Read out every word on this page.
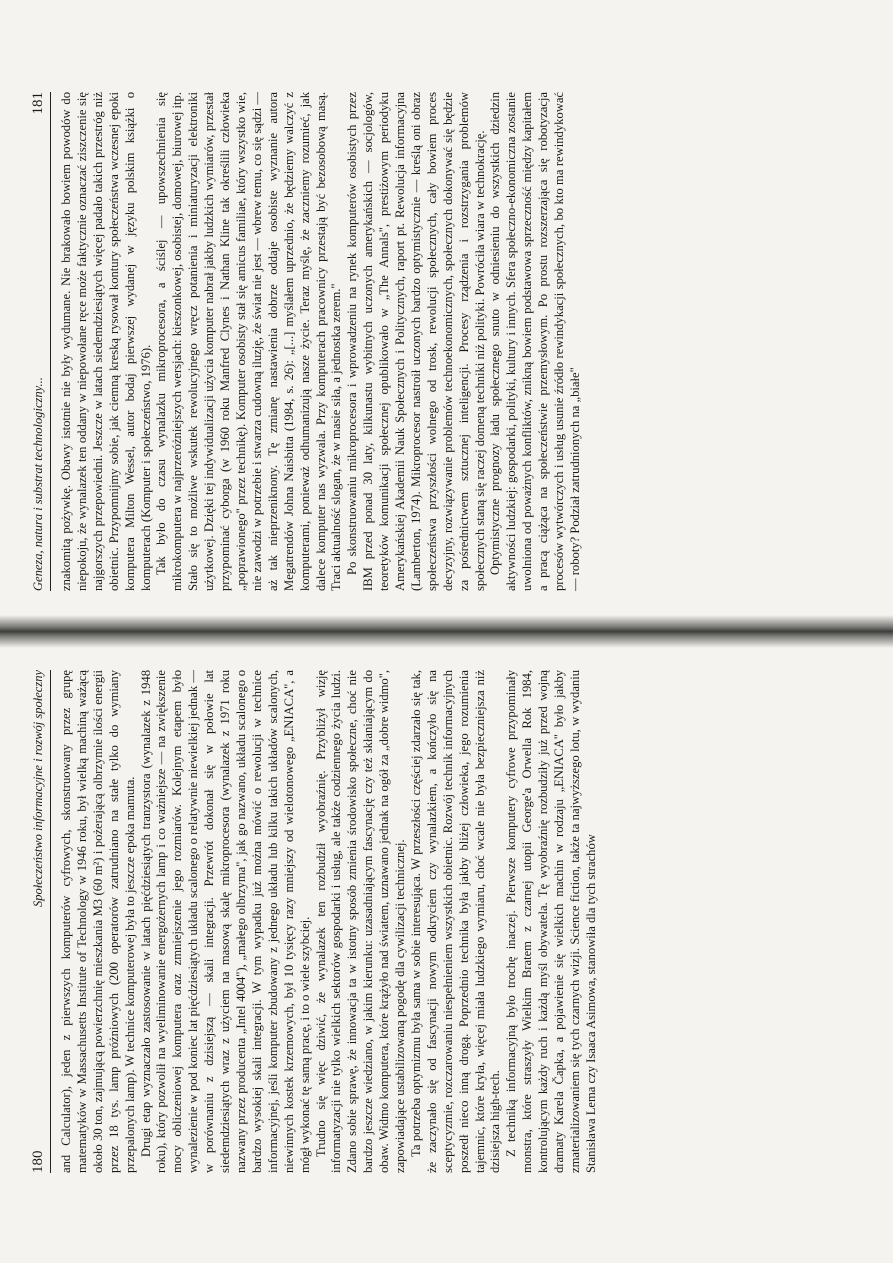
180
Społeczeństwo informacyjne i rozwój społeczny and Calculator), jeden z pierwszych komputerów cyfrowych, skonstruowany przez grupę matematyków w Massachusetts Institute of Technology w 1946 roku, był wielką machiną ważącą około 30 ton, zajmującą powierzchnię mieszkania M3 (60 m²) i pożerającą olbrzymie ilości energii przez 18 tys. lamp próżniowych (200 operatorów zatrudniano na stałe tylko do wymiany przepalonych lamp). W technice komputerowej była to jeszcze epoka mamuta. Drugi etap wyznaczało zastosowanie w latach pięćdziesiątych tranzystora (wynalazek z 1948 roku), który pozwolił na wyeliminowanie energożernych lamp i co ważniejsze — na zwiększenie mocy obliczeniowej komputera oraz zmniejszenie jego rozmiarów. Kolejnym etapem było wynalezienie w pod koniec lat pięćdziesiątych układu scalonego o relatywnie niewielkiej jednak — w porównaniu z dzisiejszą — skali integracji. Przewrót dokonał się w połowie lat siedemdziesiątych wraz z użyciem na masową skalę mikroprocesora (wynalazek z 1971 roku nazwany przez producenta „Intel 4004"), „małego olbrzyma", jak go nazwano, układu scalonego o bardzo wysokiej skali integracji. W tym wypadku już można mówić o rewolucji w technice informacyjnej, jeśli komputer zbudowany z jednego układu lub kilku takich układów scalonych, niewinnych kostek krzemowych, był 10 tysięcy razy mniejszy od wielotonowego „ENIACA", a mógł wykonać tę samą pracę, i to o wiele szybciej. Trudno się więc dziwić, że wynalazek ten rozbudził wyobraźnię. Przybliżył wizję informatyzacji nie tylko wielkich sektorów gospodarki i usług, ale także codziennego życia ludzi. Zdano sobie sprawę, że innowacja ta w istotny sposób zmienia środowisko społeczne, choć nie bardzo jeszcze wiedziano, w jakim kierunku: uzasadniającym fascynację czy też skłaniającym do obaw. Widmo komputera, które krążyło nad światem, uznawano jednak na ogół za „dobre widmo", zapowiadające ustabilizowaną pogodę dla cywilizacji technicznej. Ta potrzeba optymizmu była sama w sobie interesująca. W przeszłości częściej zdarzało się tak, że zaczynało się od fascynacji nowym odkryciem czy wynalazkiem, a kończyło się na sceptycyzmie, rozczarowaniu niespełnieniem wszystkich obietnic. Rozwój technik informacyjnych poszedł nieco inną drogą. Poprzednio technika była jakby bliżej człowieka, jego rozumienia tajemnic, które kryła, więcej miała ludzkiego wymiaru, choć wcale nie była bezpieczniejsza niż dzisiejsza high-tech. Z techniką informacyjną było trochę inaczej. Pierwsze komputery cyfrowe przypominały monstra, które straszyły Wielkim Bratem z czarnej utopii George'a Orwella Rok 1984, kontrolującym każdy ruch i każdą myśl obywatela. Tę wyobraźnię rozbudziły już przed wojną dramaty Karela Čapka, a pojawienie się wielkich machin w rodzaju „ENIACA" było jakby zmaterializowaniem się tych czarnych wizji. Science fiction, także ta najwyższego lotu, w wydaniu Stanisława Lema czy Isaaca Asimowa, stanowiła dla tych strachów

Geneza, natura i substrat technologiczny...
181 znakomitą pożywkę. Obawy istotnie nie były wydumane. Nie brakowało bowiem powodów do niepokoju, że wynalazek ten oddany w niepowołane ręce może faktycznie oznaczać ziszczenie się najgorszych przepowiedni. Jeszcze w latach siedemdziesiątych więcej padało takich przestróg niż obietnic. Przypomnijmy sobie, jak ciemną kreską rysował kontury społeczeństwa wczesnej epoki komputera Milton Wessel, autor bodaj pierwszej wydanej w języku polskim książki o komputerach (Komputer i społeczeństwo, 1976). Tak było do czasu wynalazku mikroprocesora, a ściślej — upowszechnienia się mikrokomputera w najprzeróżniejszych wersjach: kieszonkowej, osobistej, domowej, biurowej itp. Stało się to możliwe wskutek rewolucyjnego wręcz potanienia i miniaturyzacji elektroniki użytkowej. Dzięki tej indywidualizacji użycia komputer nabrał jakby ludzkich wymiarów, przestał przypominać cyborga (w 1960 roku Manfred Clynes i Nathan Kline tak określili człowieka „poprawionego" przez technikę). Komputer osobisty stał się amicus familiae, który wszystko wie, nie zawodzi w potrzebie i stwarza cudowną iluzję, że świat nie jest — wbrew temu, co się sądzi — aż tak nieprzeniknony. Tę zmianę nastawienia dobrze oddaje osobiste wyznanie autora Megatrendów Johna Naisbitta (1984, s. 26): „[...] myślałem uprzednio, że będziemy walczyć z komputerami, ponieważ odhumanizują nasze życie. Teraz myślę, że zaczniemy rozumieć, jak dalece komputer nas wyzwala. Przy komputerach pracownicy przestają być bezosobową masą. Traci aktualność slogan, że w masie siła, a jednostka zerem." Po skonstruowaniu mikroprocesora i wprowadzeniu na rynek komputerów osobistych przez IBM przed ponad 30 laty, kilkunastu wybitnych uczonych amerykańskich — socjologów, teoretyków komunikacji społecznej opublikowało w „The Annals", prestiżowym periodyku Amerykańskiej Akademii Nauk Społecznych i Politycznych, raport pt. Rewolucja informacyjna (Lamberton, 1974). Mikroprocesor nastroił uczonych bardzo optymistycznie — kreślą oni obraz społeczeństwa przyszłości wolnego od trosk, rewolucji społecznych, cały bowiem proces decyzyjny, rozwiązywanie problemów technoekonomicznych, społecznych dokonywać się będzie za pośrednictwem sztucznej inteligencji. Procesy rządzenia i rozstrzygania problemów społecznych staną się raczej domeną techniki niż polityki. Powróciła wiara w technokrację. Optymistyczne prognozy ładu społecznego snuto w odniesieniu do wszystkich dziedzin aktywności ludzkiej: gospodarki, polityki, kultury i innych. Sfera społeczno-ekonomiczna zostanie uwolniona od poważnych konfliktów, znikną bowiem podstawowa sprzeczność między kapitałem a pracą ciążąca na społeczeństwie przemysłowym. Po prostu rozszerzająca się robotyzacja procesów wytwórczych i usług usunie źródło rewindykacji społecznych, bo kto ma rewindykować — roboty? Podział zatrudnionych na „białe"
